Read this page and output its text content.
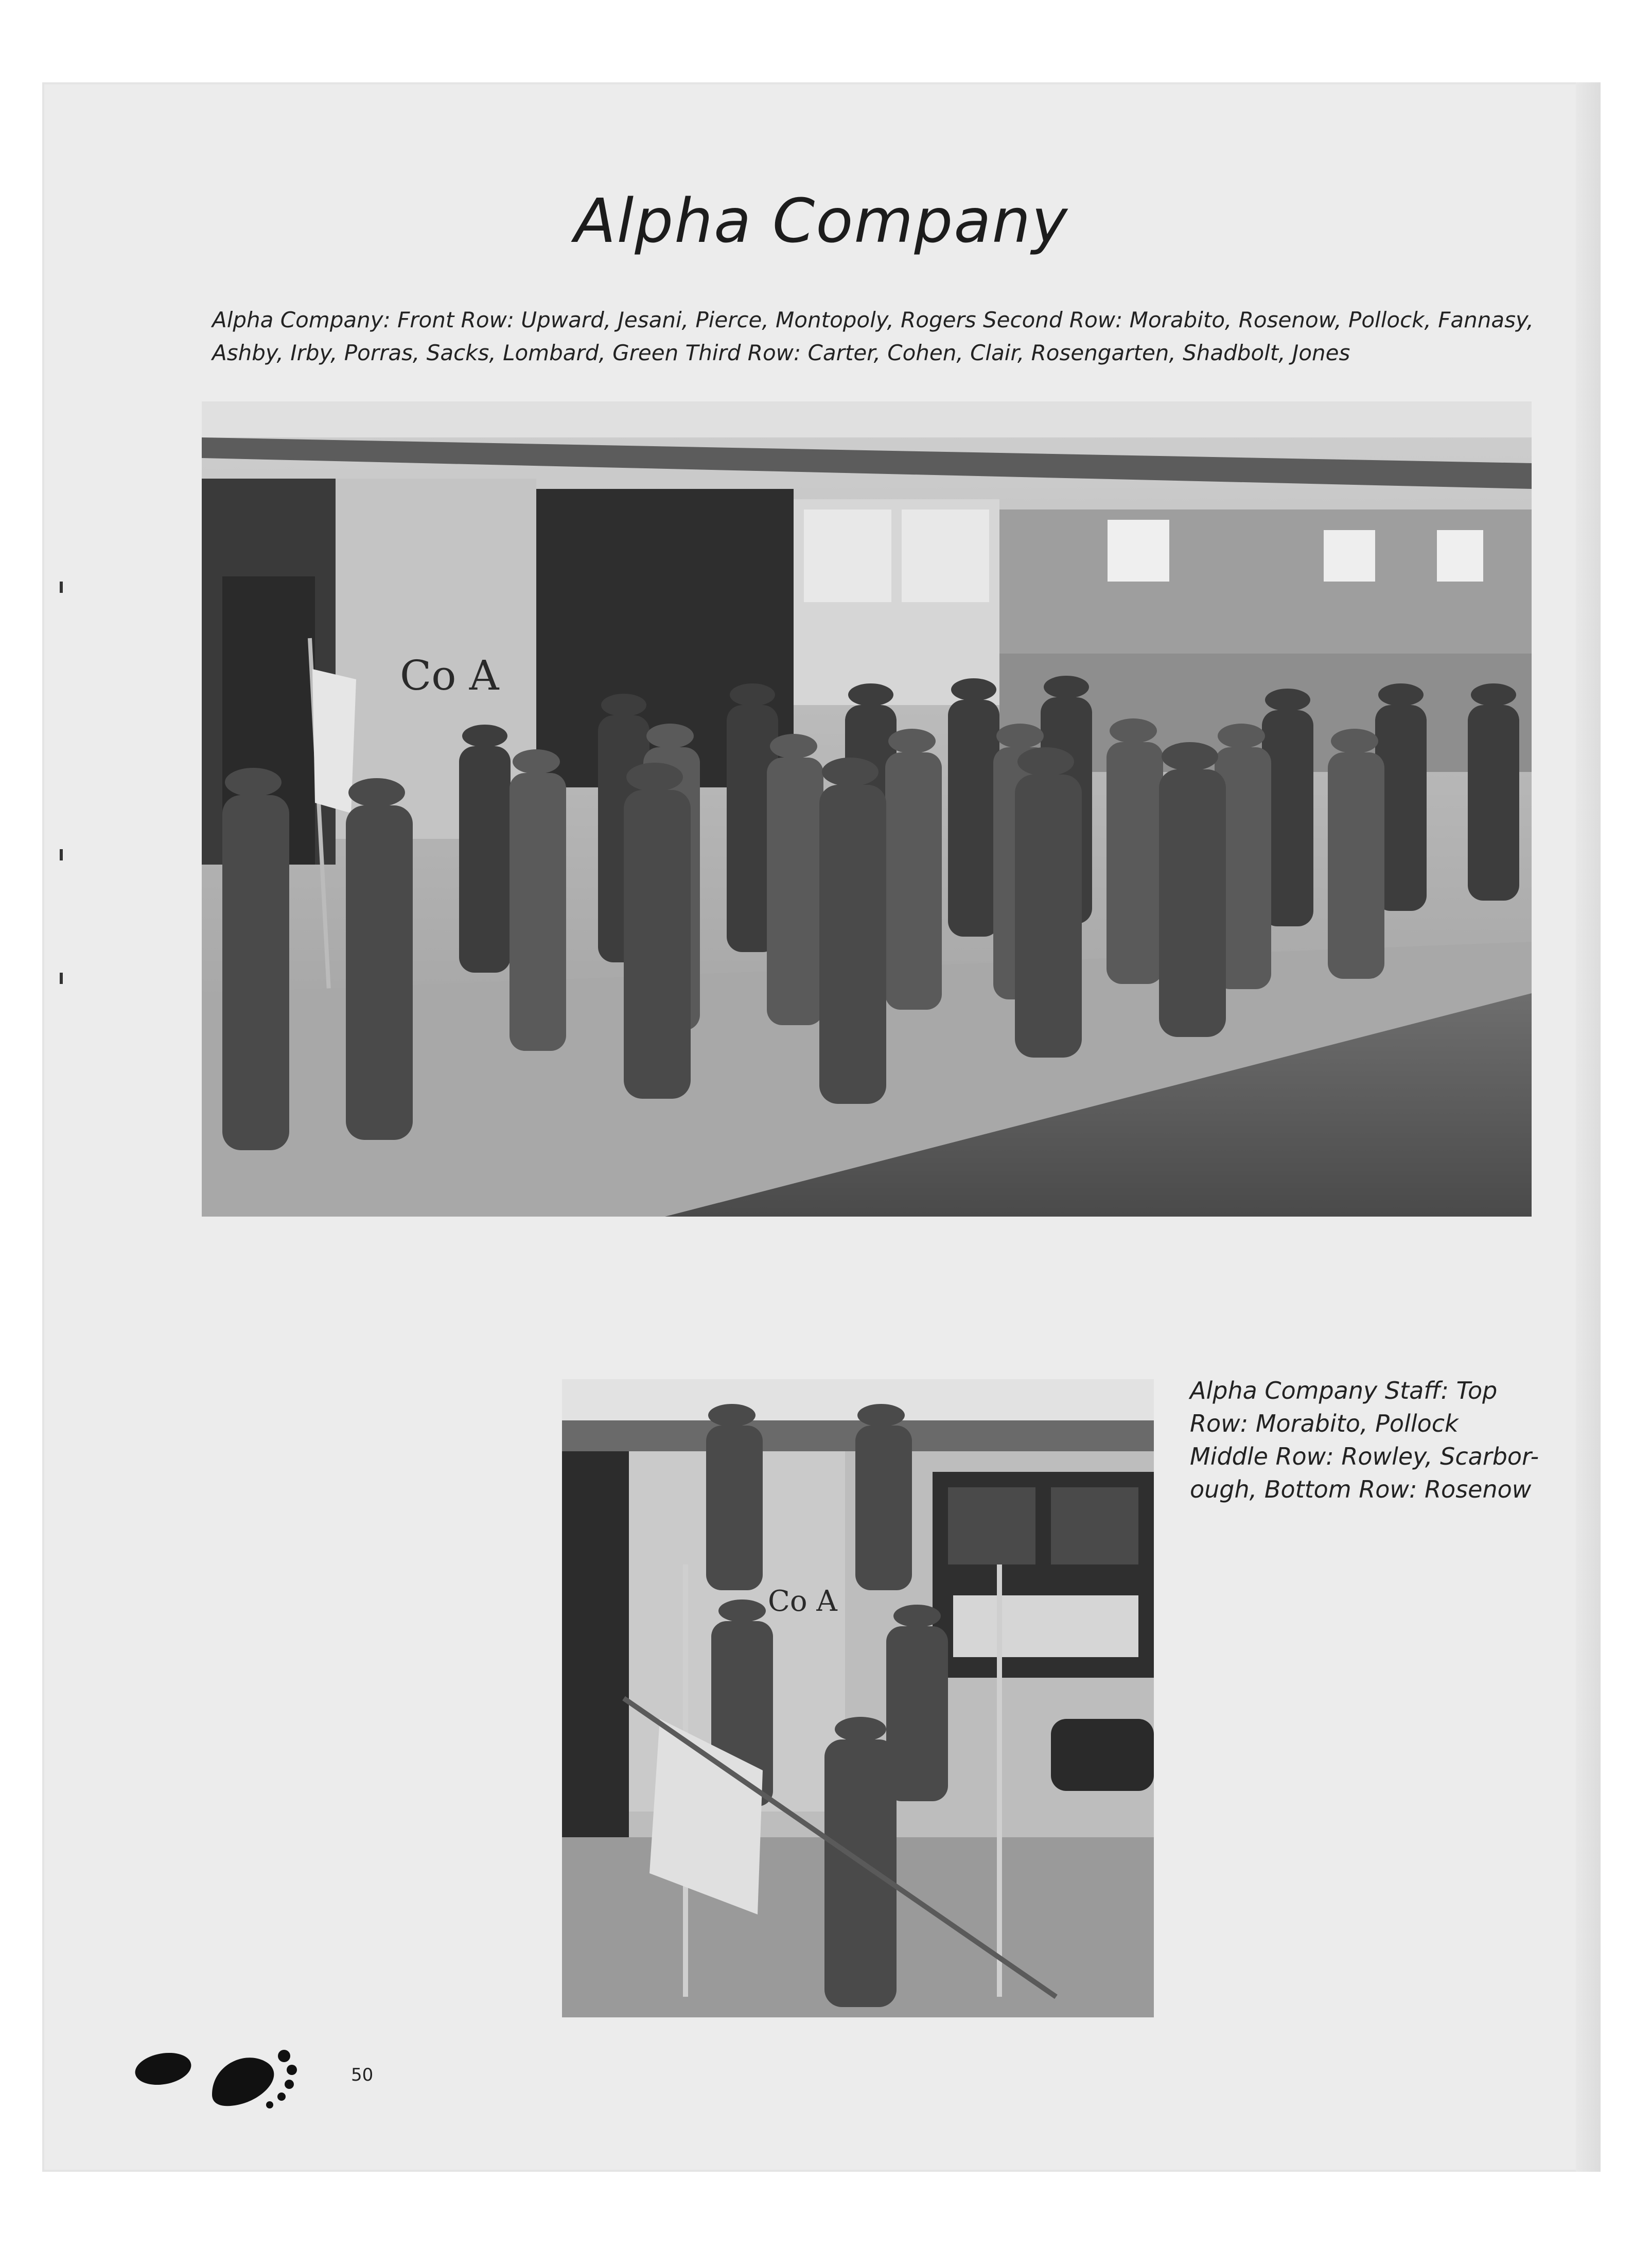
Alpha Company
Alpha Company: Front Row: Upward, Jesani, Pierce, Montopoly, Rogers Second Row: Morabito, Rosenow, Pollock, Fannasy, Ashby, Irby, Porras, Sacks, Lombard, Green Third Row: Carter, Cohen, Clair, Rosengarten, Shadbolt, Jones
Co A
Co A
Alpha Company Staff: Top
Row: Morabito, Pollock
Middle Row: Rowley, Scarbor-
ough, Bottom Row: Rosenow
50
